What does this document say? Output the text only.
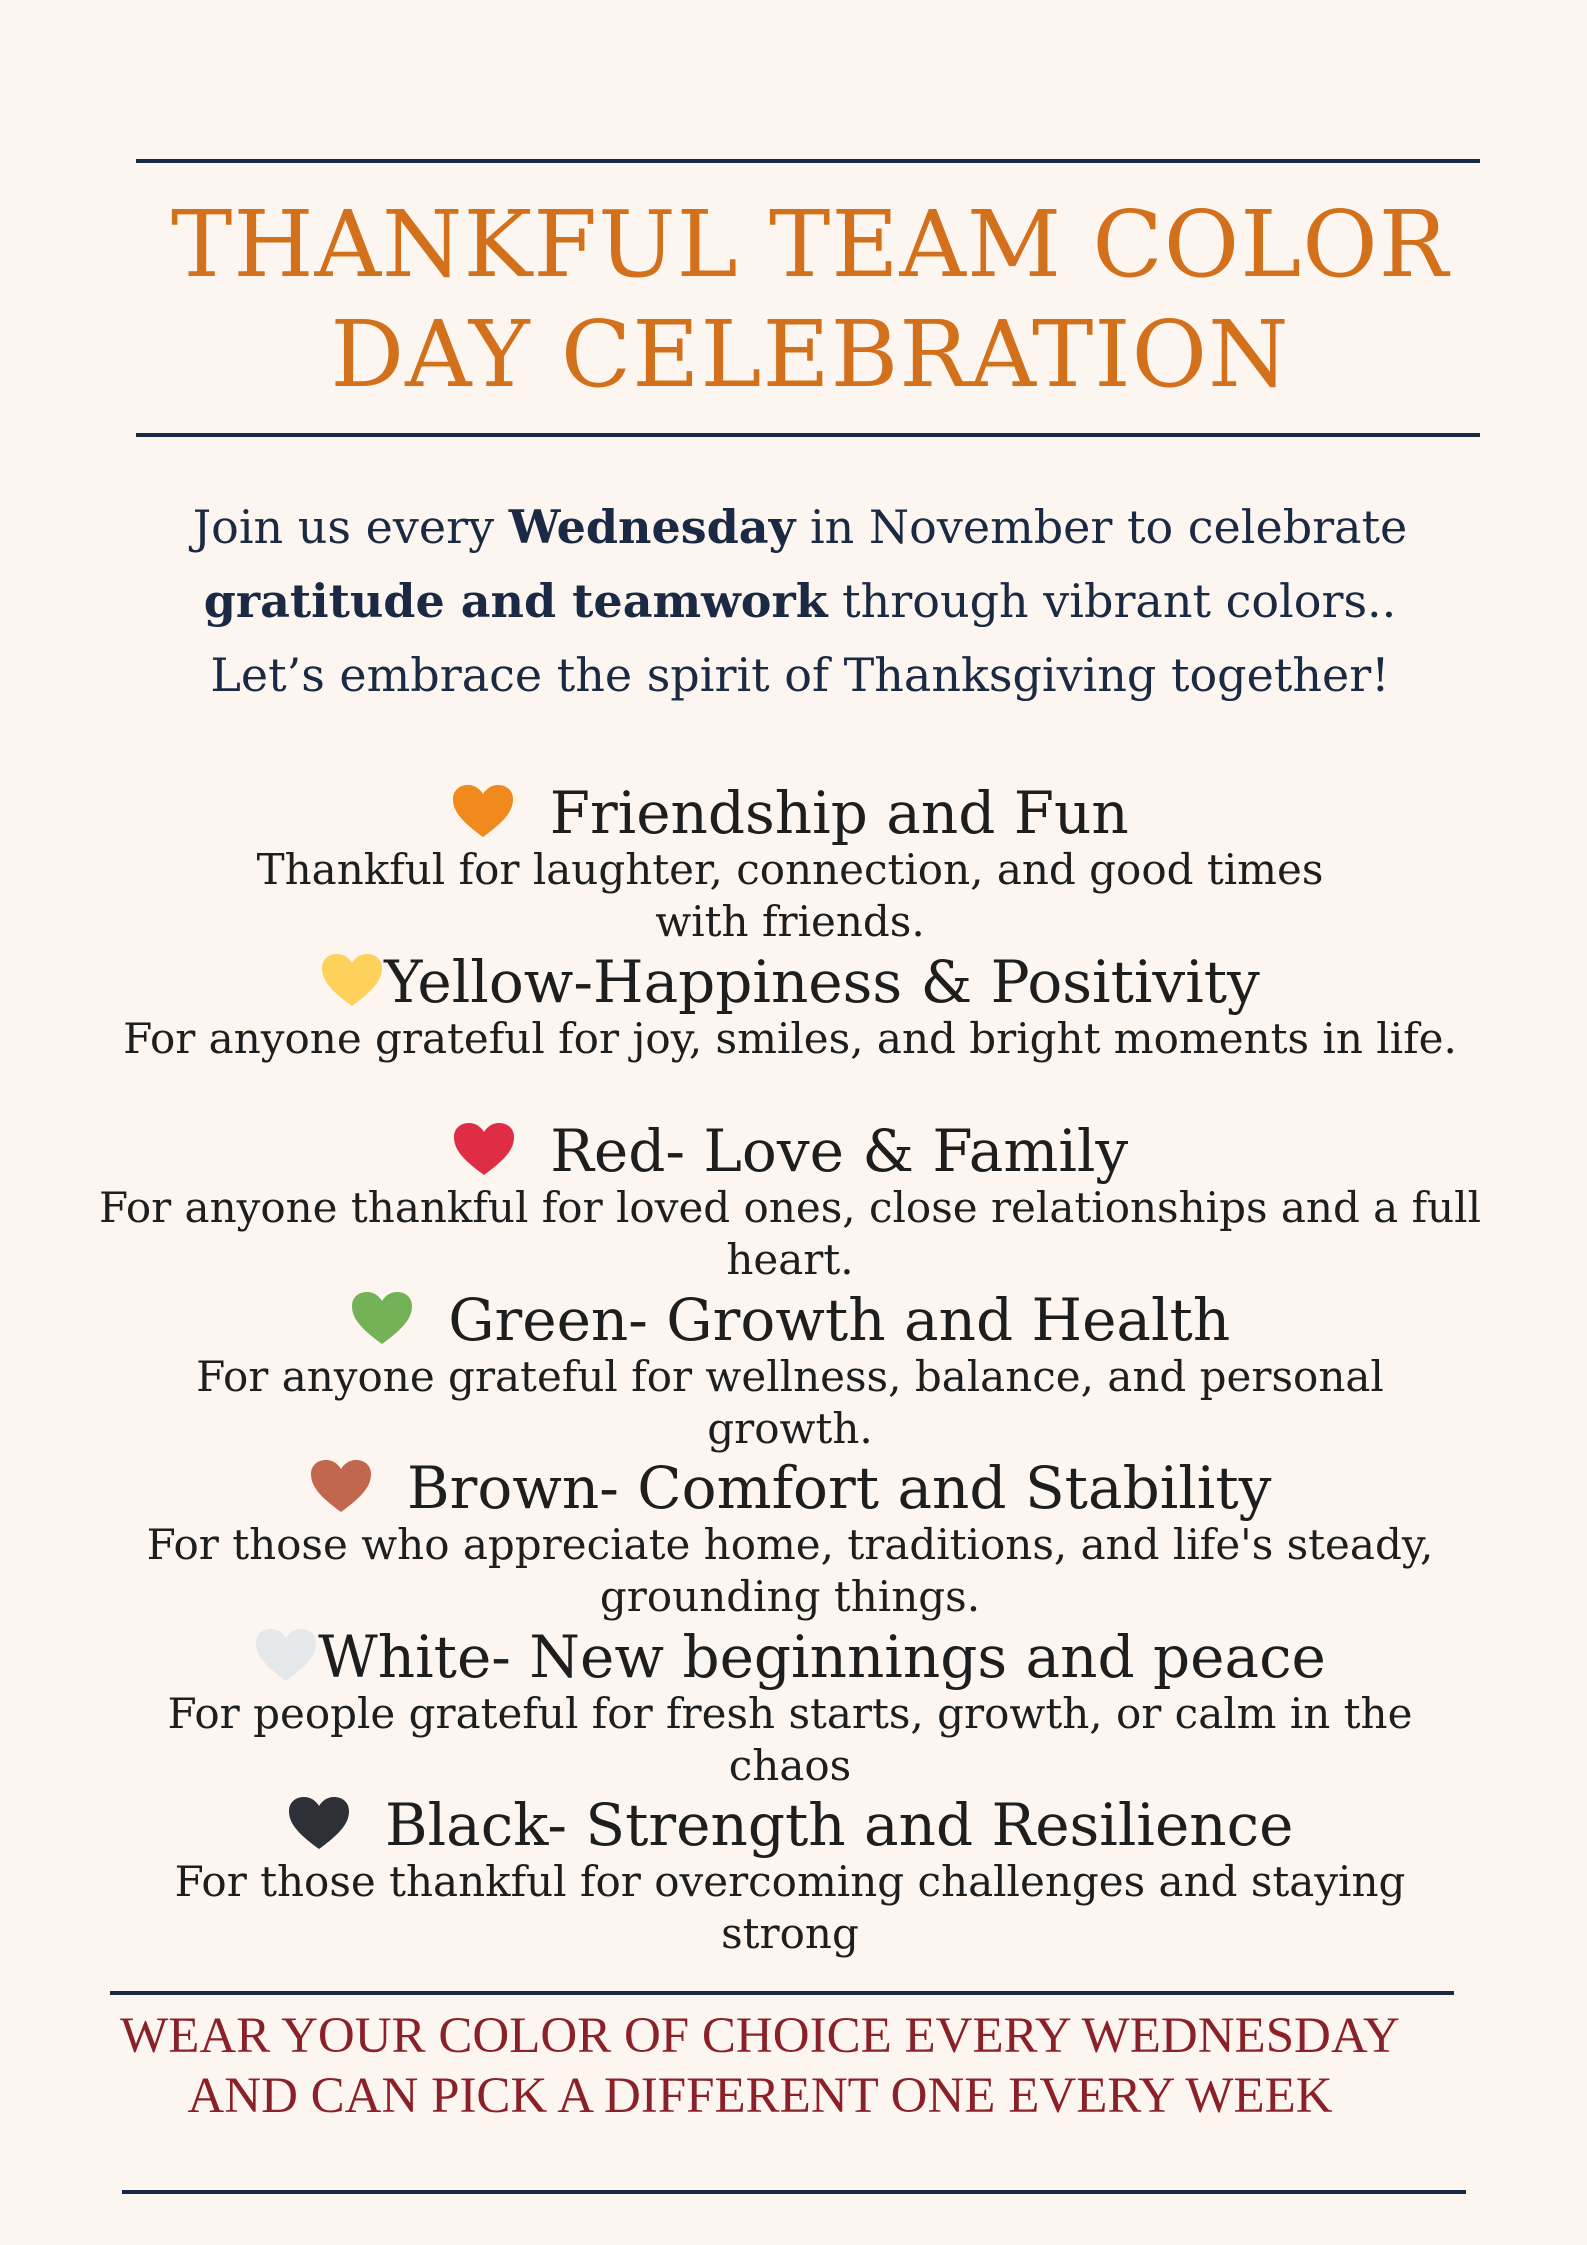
THANKFUL TEAM COLOR
DAY CELEBRATION
Join us every Wednesday in November to celebrate
gratitude and teamwork through vibrant colors..
Let’s embrace the spirit of Thanksgiving together!
Friendship and Fun
Thankful for laughter, connection, and good times with friends.
Yellow-Happiness & Positivity
For anyone grateful for joy, smiles, and bright moments in life.
Red- Love & Family
For anyone thankful for loved ones, close relationships and a full heart.
Green- Growth and Health
For anyone grateful for wellness, balance, and personal growth.
Brown- Comfort and Stability
For those who appreciate home, traditions, and life's steady, grounding things.
White- New beginnings and peace
For people grateful for fresh starts, growth, or calm in the chaos
Black- Strength and Resilience
For those thankful for overcoming challenges and staying strong
WEAR YOUR COLOR OF CHOICE EVERY WEDNESDAY AND CAN PICK A DIFFERENT ONE EVERY WEEK
